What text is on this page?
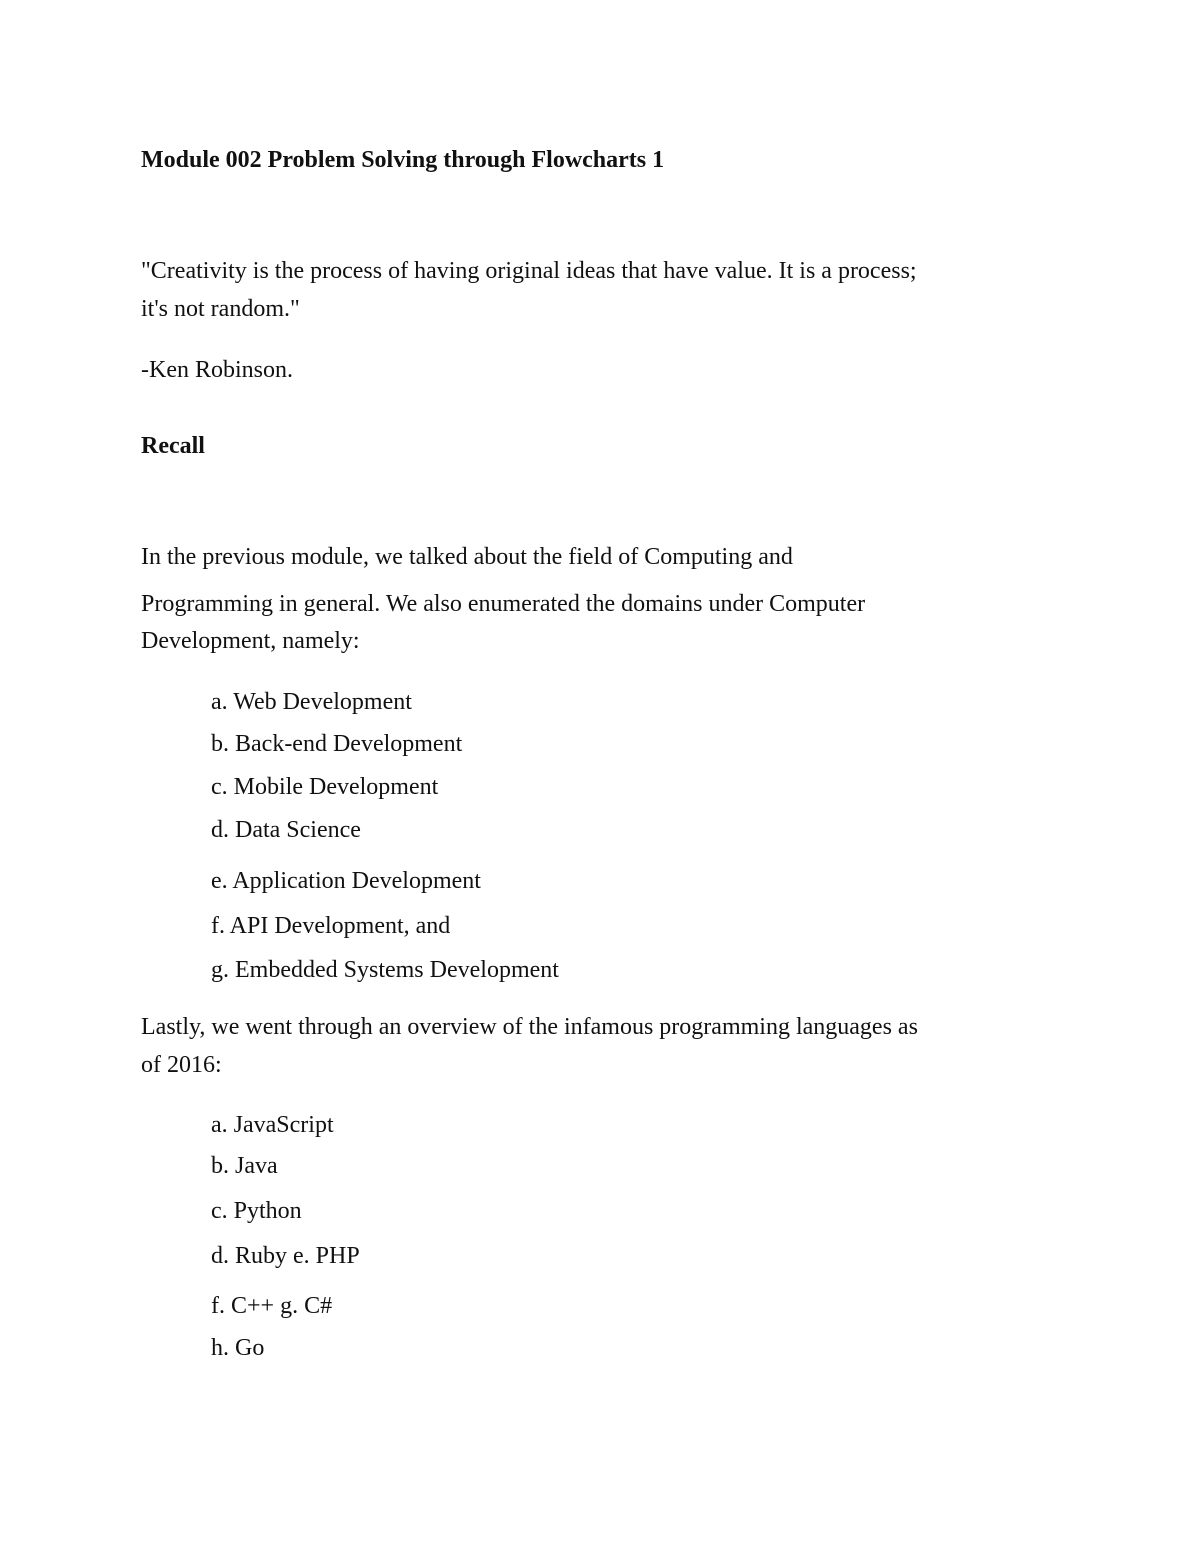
Module 002 Problem Solving through Flowcharts 1

"Creativity is the process of having original ideas that have value. It is a process;

it's not random."

-Ken Robinson.

Recall

In the previous module, we talked about the field of Computing and

Programming in general. We also enumerated the domains under Computer

Development, namely:

a. Web Development

b. Back-end Development

c. Mobile Development

d. Data Science

e. Application Development

f. API Development, and

g. Embedded Systems Development

Lastly, we went through an overview of the infamous programming languages as

of 2016:

a. JavaScript

b. Java

c. Python

d. Ruby e. PHP

f. C++ g. C#

h. Go
